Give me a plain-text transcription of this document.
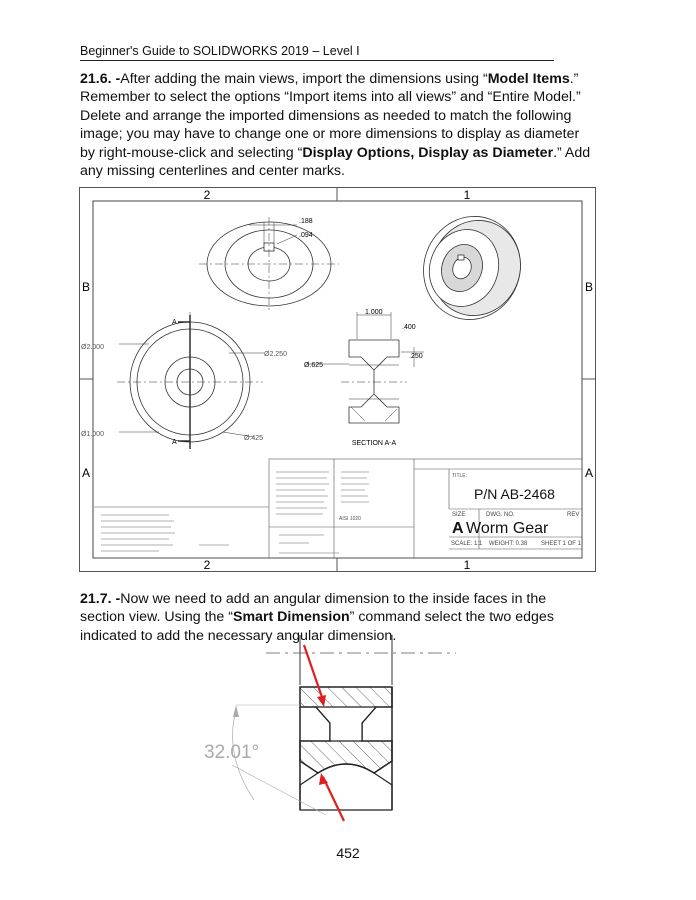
Beginner's Guide to SOLIDWORKS 2019 – Level I
21.6. -After adding the main views, import the dimensions using “Model Items.” Remember to select the options “Import items into all views” and “Entire Model.” Delete and arrange the imported dimensions as needed to match the following image; you may have to change one or more dimensions to display as diameter by right-mouse-click and selecting “Display Options, Display as Diameter.” Add any missing centerlines and center marks.
2	1
2	1
B	B
A	A
.188
.094
A
A
Ø2.000
Ø2.250
Ø1.000
Ø.425
1.000
.400
.250
Ø.625
SECTION A-A
AISI 1020
TITLE:
P/N AB-2468
SIZE	DWG. NO.	REV
A Worm Gear
SCALE: 1:1 WEIGHT: 0.38 SHEET 1 OF 1
21.7. -Now we need to add an angular dimension to the inside faces in the section view. Using the “Smart Dimension” command select the two edges indicated to add the necessary angular dimension.
32.01°
452
